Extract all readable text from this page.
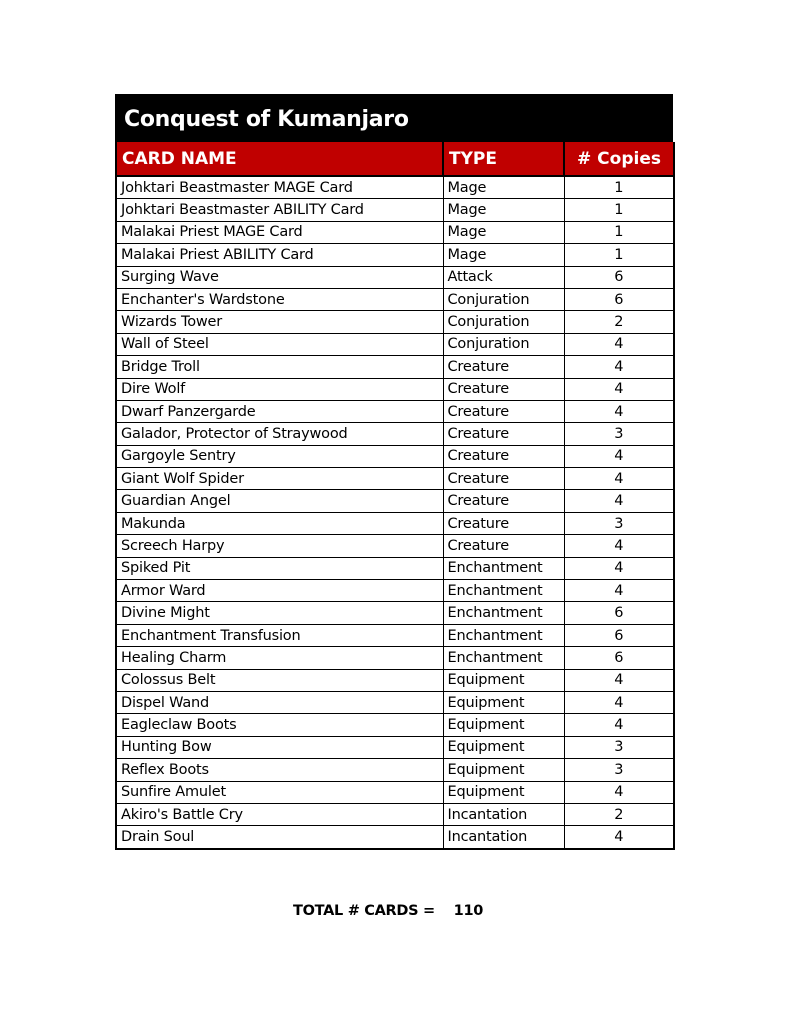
Conquest of Kumanjaro
CARD NAME	TYPE	# Copies
Johktari Beastmaster MAGE Card	Mage	1
Johktari Beastmaster ABILITY Card	Mage	1
Malakai Priest MAGE Card	Mage	1
Malakai Priest ABILITY Card	Mage	1
Surging Wave	Attack	6
Enchanter's Wardstone	Conjuration	6
Wizards Tower	Conjuration	2
Wall of Steel	Conjuration	4
Bridge Troll	Creature	4
Dire Wolf	Creature	4
Dwarf Panzergarde	Creature	4
Galador, Protector of Straywood	Creature	3
Gargoyle Sentry	Creature	4
Giant Wolf Spider	Creature	4
Guardian Angel	Creature	4
Makunda	Creature	3
Screech Harpy	Creature	4
Spiked Pit	Enchantment	4
Armor Ward	Enchantment	4
Divine Might	Enchantment	6
Enchantment Transfusion	Enchantment	6
Healing Charm	Enchantment	6
Colossus Belt	Equipment	4
Dispel Wand	Equipment	4
Eagleclaw Boots	Equipment	4
Hunting Bow	Equipment	3
Reflex Boots	Equipment	3
Sunfire Amulet	Equipment	4
Akiro's Battle Cry	Incantation	2
Drain Soul	Incantation	4
TOTAL # CARDS = 110
